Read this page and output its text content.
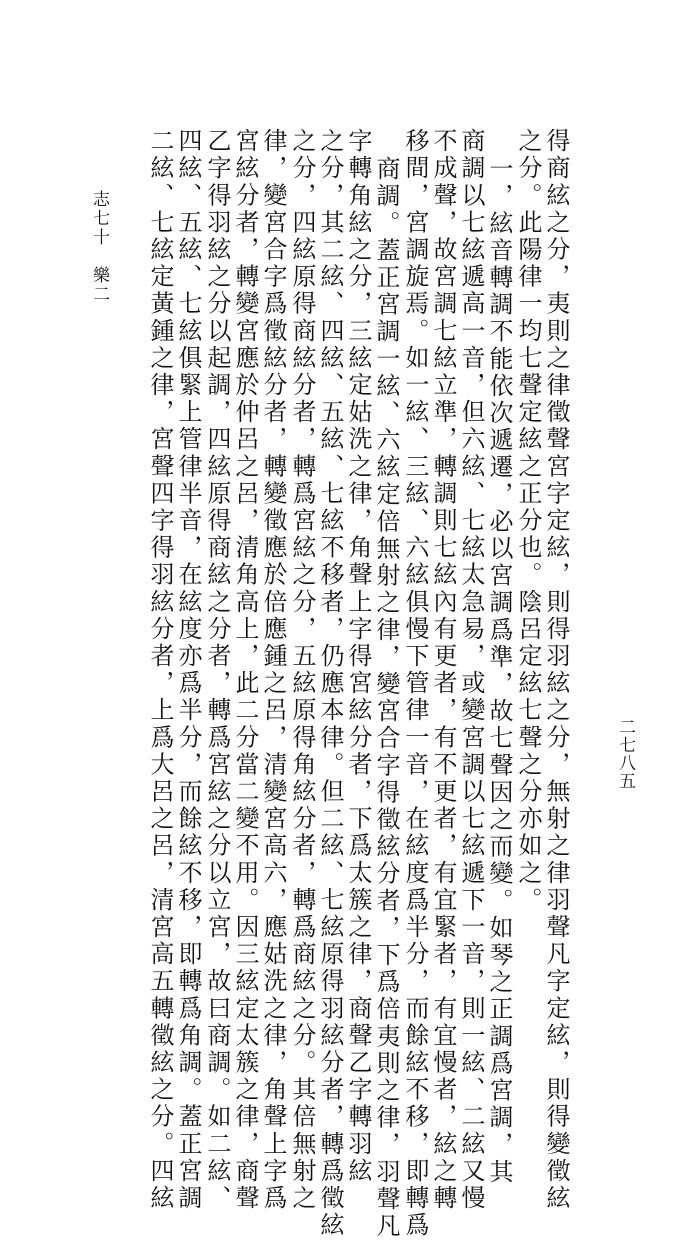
志七十　樂二
二七八五
得商絃之分，夷則之律徵聲宮字定絃，則得羽絃之分，無射之律羽聲凡字定絃，則得變徵絃
之分。此陽律一均七聲定絃之正分也。陰呂定絃七聲之分亦如之。
一，絃音轉調不能依次遞遷，必以宮調爲準，故七聲因之而變。如琴之正調爲宮調，其
商調以七絃遞高一音，但六絃、七絃太急易，或變宮調以七絃遞下一音，則一絃、二絃又慢
不成聲，故宮調七絃立準，轉調則七絃內有更者，有不更者，有宜緊者，有宜慢者，絃之轉
移間，宮調旋焉。如一絃、三絃、六絃俱慢下管律一音，在絃度爲半分，而餘絃不移，即轉爲
商調。蓋正宮調一絃、六絃定倍無射之律，變宮合字得徵絃分者，下爲倍夷則之律，羽聲凡
字轉角絃之分，三絃定姑洗之律，角聲上字得宮絃分者，下爲太簇之律，商聲乙字轉羽絃
之分，其二絃、四絃、五絃、七絃不移者，仍應本律。但二絃、七絃原得羽絃分者，轉爲徵絃
之分，四絃原得商絃分者，轉爲宮絃之分，五絃原得角絃分者，轉爲商絃之分。其倍無射之
律，變宮合字爲徵絃分者，轉變徵應於倍應鍾之呂，清變宮高六，應姑洗之律，角聲上字爲
宮絃分者，轉變宮應於仲呂之呂，清角高上，此二分當二變不用。因三絃定太簇之律，商聲
乙字得羽絃之分以起調，四絃原得商絃之分者，轉爲宮絃之分以立宮，故曰商調。如二絃、
四絃、五絃、七絃俱緊上管律半音，在絃度亦爲半分，而餘絃不移，即轉爲角調。蓋正宮調
二絃、七絃定黃鍾之律，宮聲四字得羽絃分者，上爲大呂之呂，清宮高五轉徵絃之分。四絃
